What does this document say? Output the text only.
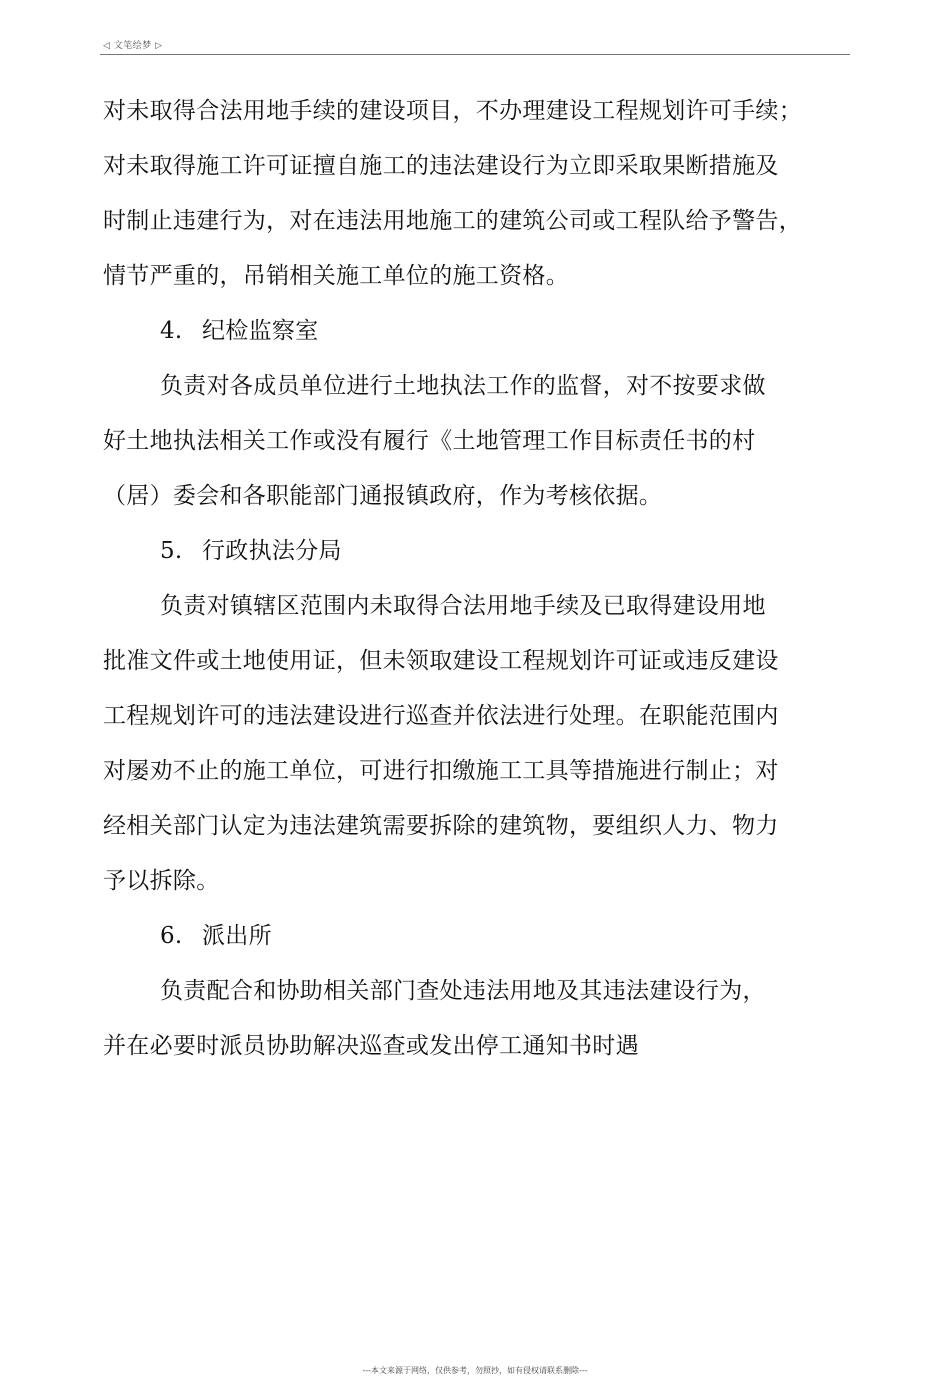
◁ 文笔绘梦 ▷
对未取得合法用地手续的建设项目，不办理建设工程规划许可手续；
对未取得施工许可证擅自施工的违法建设行为立即采取果断措施及
时制止违建行为，对在违法用地施工的建筑公司或工程队给予警告，
情节严重的，吊销相关施工单位的施工资格。
4. 纪检监察室
负责对各成员单位进行土地执法工作的监督，对不按要求做
好土地执法相关工作或没有履行《土地管理工作目标责任书的村
（居）委会和各职能部门通报镇政府，作为考核依据。
5. 行政执法分局
负责对镇辖区范围内未取得合法用地手续及已取得建设用地
批准文件或土地使用证，但未领取建设工程规划许可证或违反建设
工程规划许可的违法建设进行巡查并依法进行处理。在职能范围内
对屡劝不止的施工单位，可进行扣缴施工工具等措施进行制止；对
经相关部门认定为违法建筑需要拆除的建筑物，要组织人力、物力
予以拆除。
6. 派出所
负责配合和协助相关部门查处违法用地及其违法建设行为，
并在必要时派员协助解决巡查或发出停工通知书时遇
---本文来源于网络，仅供参考，勿照抄，如有侵权请联系删除---
